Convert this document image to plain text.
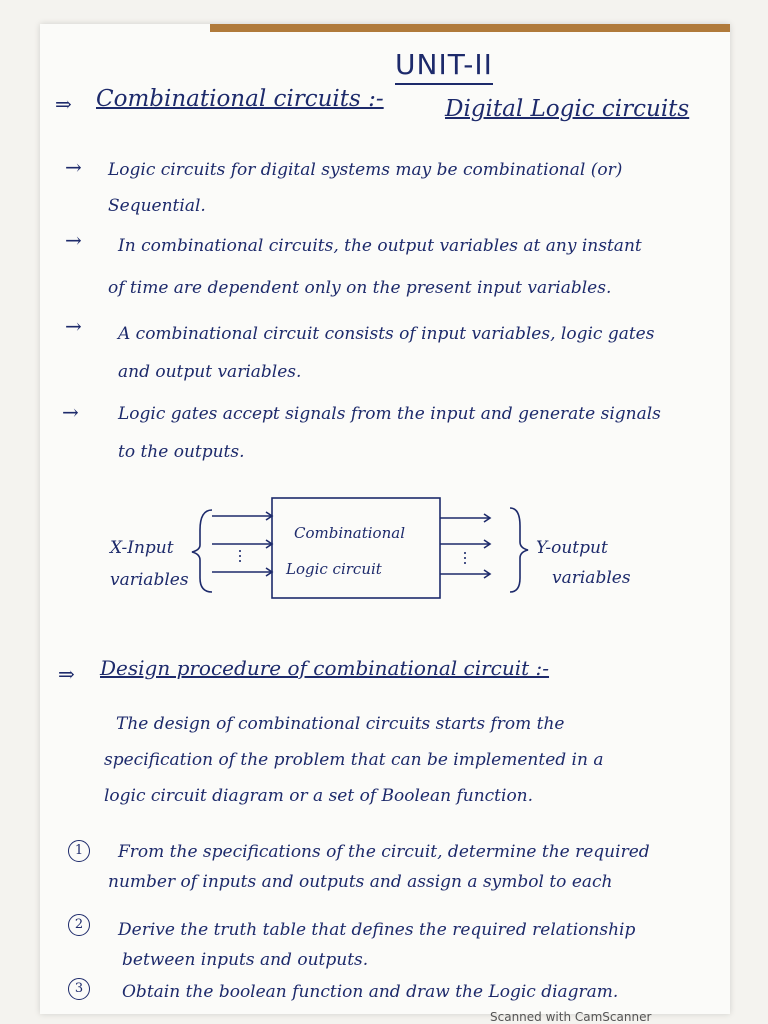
UNIT-II
⇒ Combinational circuits :-	Digital Logic circuits
→ Logic circuits for digital systems may be combinational (or)
Sequential.
→ In combinational circuits, the output variables at any instant
of time are dependent only on the present input variables.
→ A combinational circuit consists of input variables, logic gates
and output variables.
→ Logic gates accept signals from the input and generate signals
to the outputs.
X-Input
variables
Combinational
Logic circuit
Y-output
variables
⇒ Design procedure of combinational circuit :-
The design of combinational circuits starts from the
specification of the problem that can be implemented in a
logic circuit diagram or a set of Boolean function.
1	From the specifications of the circuit, determine the required
number of inputs and outputs and assign a symbol to each
2	Derive the truth table that defines the required relationship
between inputs and outputs.
3	Obtain the boolean function and draw the Logic diagram.
Scanned with CamScanner
